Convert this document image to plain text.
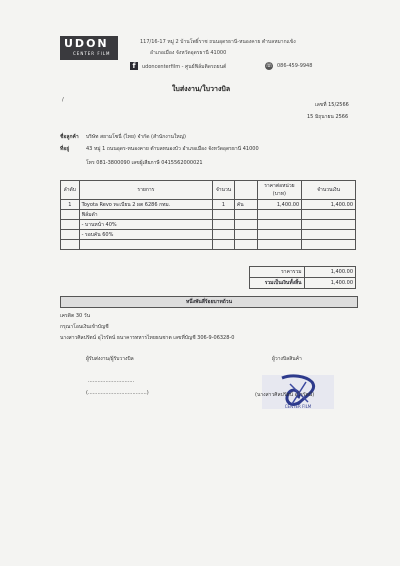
UDON
CENTER FILM
117/16-17 หมู่ 2 บ้านโพธิ์ราช ถนนอุดรธานี-หนองคาย ตำบลหมากแข้ง
อำเภอเมือง จังหวัดอุดรธานี 41000
f	udoncenterfilm - ศูนย์ฟิล์มติดรถยนต์	☏ 086-459-9948
ใบส่งงาน/ใบวางบิล
/
เลขที่ 15/2566
15 มิถุนายน 2566
ชื่อลูกค้า บริษัท สยามโซนี่ (ไทย) จำกัด (สำนักงานใหญ่)
ที่อยู่	43 หมู่ 1 ถนนอุดร-หนองคาย ตำบลหนองบัว อำเภอเมือง จังหวัดอุดรธานี 41000
โทร 081-3800090 เลขผู้เสียภาษี 0415562000021
ลำดับ	รายการ	จำนวน		ราคาต่อหน่วย (บาท)	จำนวนเงิน
1	Toyota Revo ทะเบียน 2 ผต 6286 กทม.	1	คัน	1,400.00	1,400.00
	ฟิล์มดำ				
	- บานหน้า 40%				
	- รอบคัน 60%				

	ราคารวม	1,400.00
	รวมเป็นเงินทั้งสิ้น	1,400.00
หนึ่งพันสี่ร้อยบาทถ้วน
เครดิต 30 วัน
กรุณาโอนเงินเข้าบัญชี
นางสาวศิลปรัตน์ อุไรรัตน์ ธนาคารทหารไทยธนชาต เลขที่บัญชี 306-9-06328-0
ผู้รับส่งงาน/ผู้รับวางบิล
.............................
(.....................................)
ผู้วางบิลสินค้า
CENTER FILM
(นางสาวศิลปรัตน์ อุไรรัตน์)
